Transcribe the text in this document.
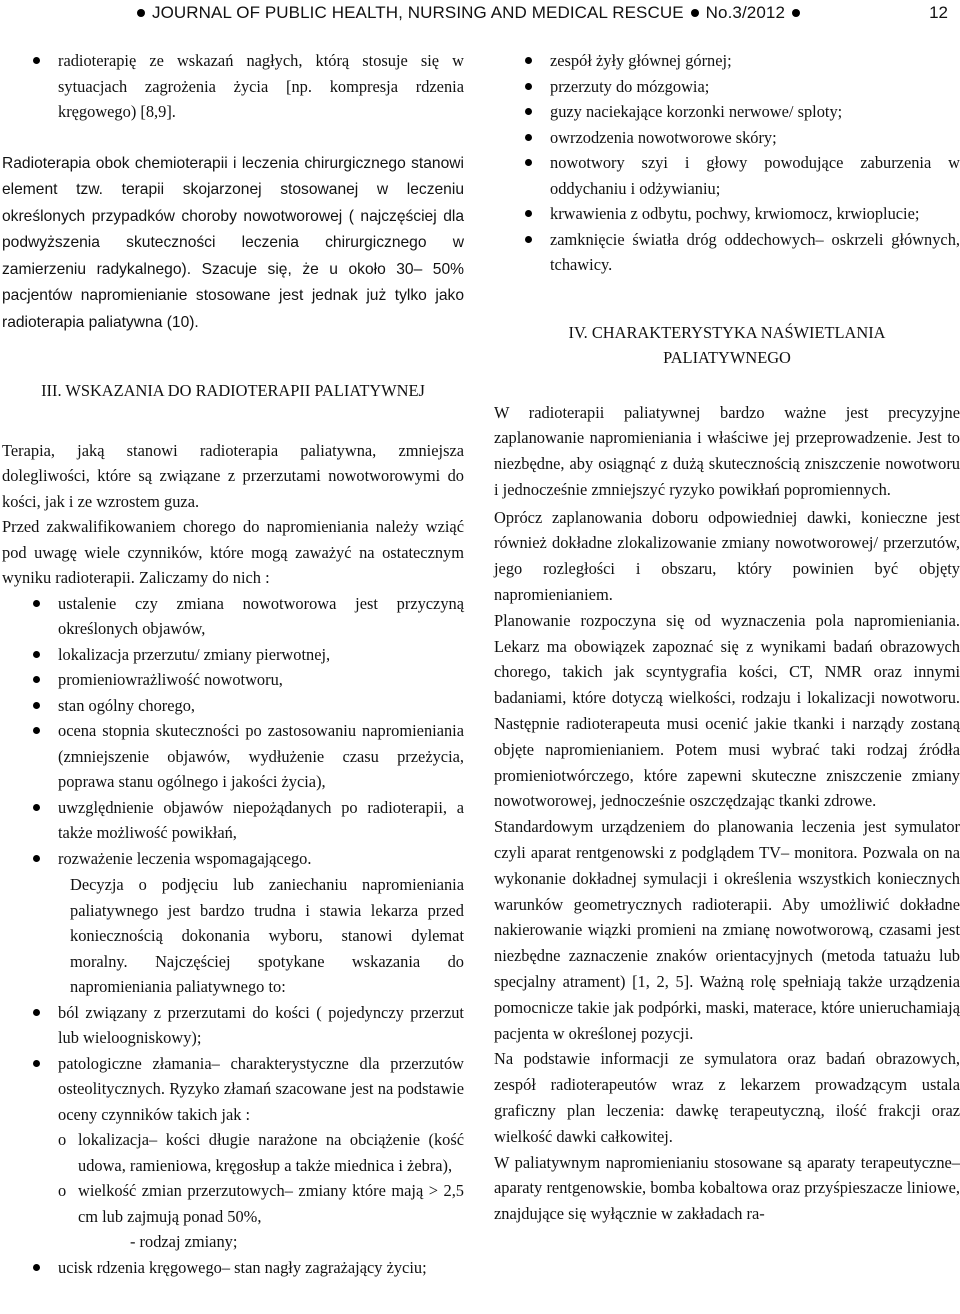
JOURNAL OF PUBLIC HEALTH, NURSING AND MEDICAL RESCUE No.3/2012	12

radioterapię ze wskazań nagłych, którą stosuje się w sytuacjach zagrożenia życia [np. kompresja rdzenia kręgowego) [8,9].

Radioterapia obok chemioterapii i leczenia chirurgicznego stanowi element tzw. terapii skojarzonej stosowanej w leczeniu określonych przypadków choroby nowotworowej ( najczęściej dla podwyższenia skuteczności leczenia chirurgicznego w zamierzeniu radykalnego). Szacuje się, że u około 30– 50% pacjentów napromienianie stosowane jest jednak już tylko jako radioterapia paliatywna (10).

III. WSKAZANIA DO RADIOTERAPII PALIATYWNEJ

Terapia, jaką stanowi radioterapia paliatywna, zmniejsza dolegliwości, które są związane z przerzutami nowotworowymi do kości, jak i ze wzrostem guza.

Przed zakwalifikowaniem chorego do napromieniania należy wziąć pod uwagę wiele czynników, które mogą zaważyć na ostatecznym wyniku radioterapii. Zaliczamy do nich :

ustalenie czy zmiana nowotworowa jest przyczyną określonych objawów,

lokalizacja przerzutu/ zmiany pierwotnej,

promieniowrażliwość nowotworu,

stan ogólny chorego,

ocena stopnia skuteczności po zastosowaniu napromieniania (zmniejszenie objawów, wydłużenie czasu przeżycia, poprawa stanu ogólnego i jakości życia),

uwzględnienie objawów niepożądanych po radioterapii, a także możliwość powikłań,

rozważenie leczenia wspomagającego.

Decyzja o podjęciu lub zaniechaniu napromieniania paliatywnego jest bardzo trudna i stawia lekarza przed koniecznością dokonania wyboru, stanowi dylemat moralny. Najczęściej spotykane wskazania do napromieniania paliatywnego to:

ból związany z przerzutami do kości ( pojedynczy przerzut lub wieloogniskowy);

patologiczne złamania– charakterystyczne dla przerzutów osteolitycznych. Ryzyko złamań szacowane jest na podstawie oceny czynników takich jak :

o lokalizacja– kości długie narażone na obciążenie (kość udowa, ramieniowa, kręgosłup a także miednica i żebra),

o wielkość zmian przerzutowych– zmiany które mają > 2,5 cm lub zajmują ponad 50%,

- rodzaj zmiany;

ucisk rdzenia kręgowego– stan nagły zagrażający życiu;

zespół żyły głównej górnej;

przerzuty do mózgowia;

guzy naciekające korzonki nerwowe/ sploty;

owrzodzenia nowotworowe skóry;

nowotwory szyi i głowy powodujące zaburzenia w oddychaniu i odżywianiu;

krwawienia z odbytu, pochwy, krwiomocz, krwioplucie;

zamknięcie światła dróg oddechowych– oskrzeli głównych, tchawicy.

IV. CHARAKTERYSTYKA NAŚWIETLANIA
PALIATYWNEGO

W radioterapii paliatywnej bardzo ważne jest precyzyjne zaplanowanie napromieniania i właściwe jej przeprowadzenie. Jest to niezbędne, aby osiągnąć z dużą skutecznością zniszczenie nowotworu i jednocześnie zmniejszyć ryzyko powikłań popromiennych.

Oprócz zaplanowania doboru odpowiedniej dawki, konieczne jest również dokładne zlokalizowanie zmiany nowotworowej/ przerzutów, jego rozległości i obszaru, który powinien być objęty napromienianiem.

Planowanie rozpoczyna się od wyznaczenia pola napromieniania. Lekarz ma obowiązek zapoznać się z wynikami badań obrazowych chorego, takich jak scyntygrafia kości, CT, NMR oraz innymi badaniami, które dotyczą wielkości, rodzaju i lokalizacji nowotworu. Następnie radioterapeuta musi ocenić jakie tkanki i narządy zostaną objęte napromienianiem. Potem musi wybrać taki rodzaj źródła promieniotwórczego, które zapewni skuteczne zniszczenie zmiany nowotworowej, jednocześnie oszczędzając tkanki zdrowe.

Standardowym urządzeniem do planowania leczenia jest symulator czyli aparat rentgenowski z podglądem TV– monitora. Pozwala on na wykonanie dokładnej symulacji i określenia wszystkich koniecznych warunków geometrycznych radioterapii. Aby umożliwić dokładne nakierowanie wiązki promieni na zmianę nowotworową, czasami jest niezbędne zaznaczenie znaków orientacyjnych (metoda tatuażu lub specjalny atrament) [1, 2, 5]. Ważną rolę spełniają także urządzenia pomocnicze takie jak podpórki, maski, materace, które unieruchamiają pacjenta w określonej pozycji.

Na podstawie informacji ze symulatora oraz badań obrazowych, zespół radioterapeutów wraz z lekarzem prowadzącym ustala graficzny plan leczenia: dawkę terapeutyczną, ilość frakcji oraz wielkość dawki całkowitej.

W paliatywnym napromienianiu stosowane są aparaty terapeutyczne– aparaty rentgenowskie, bomba kobaltowa oraz przyśpieszacze liniowe, znajdujące się wyłącznie w zakładach ra-
